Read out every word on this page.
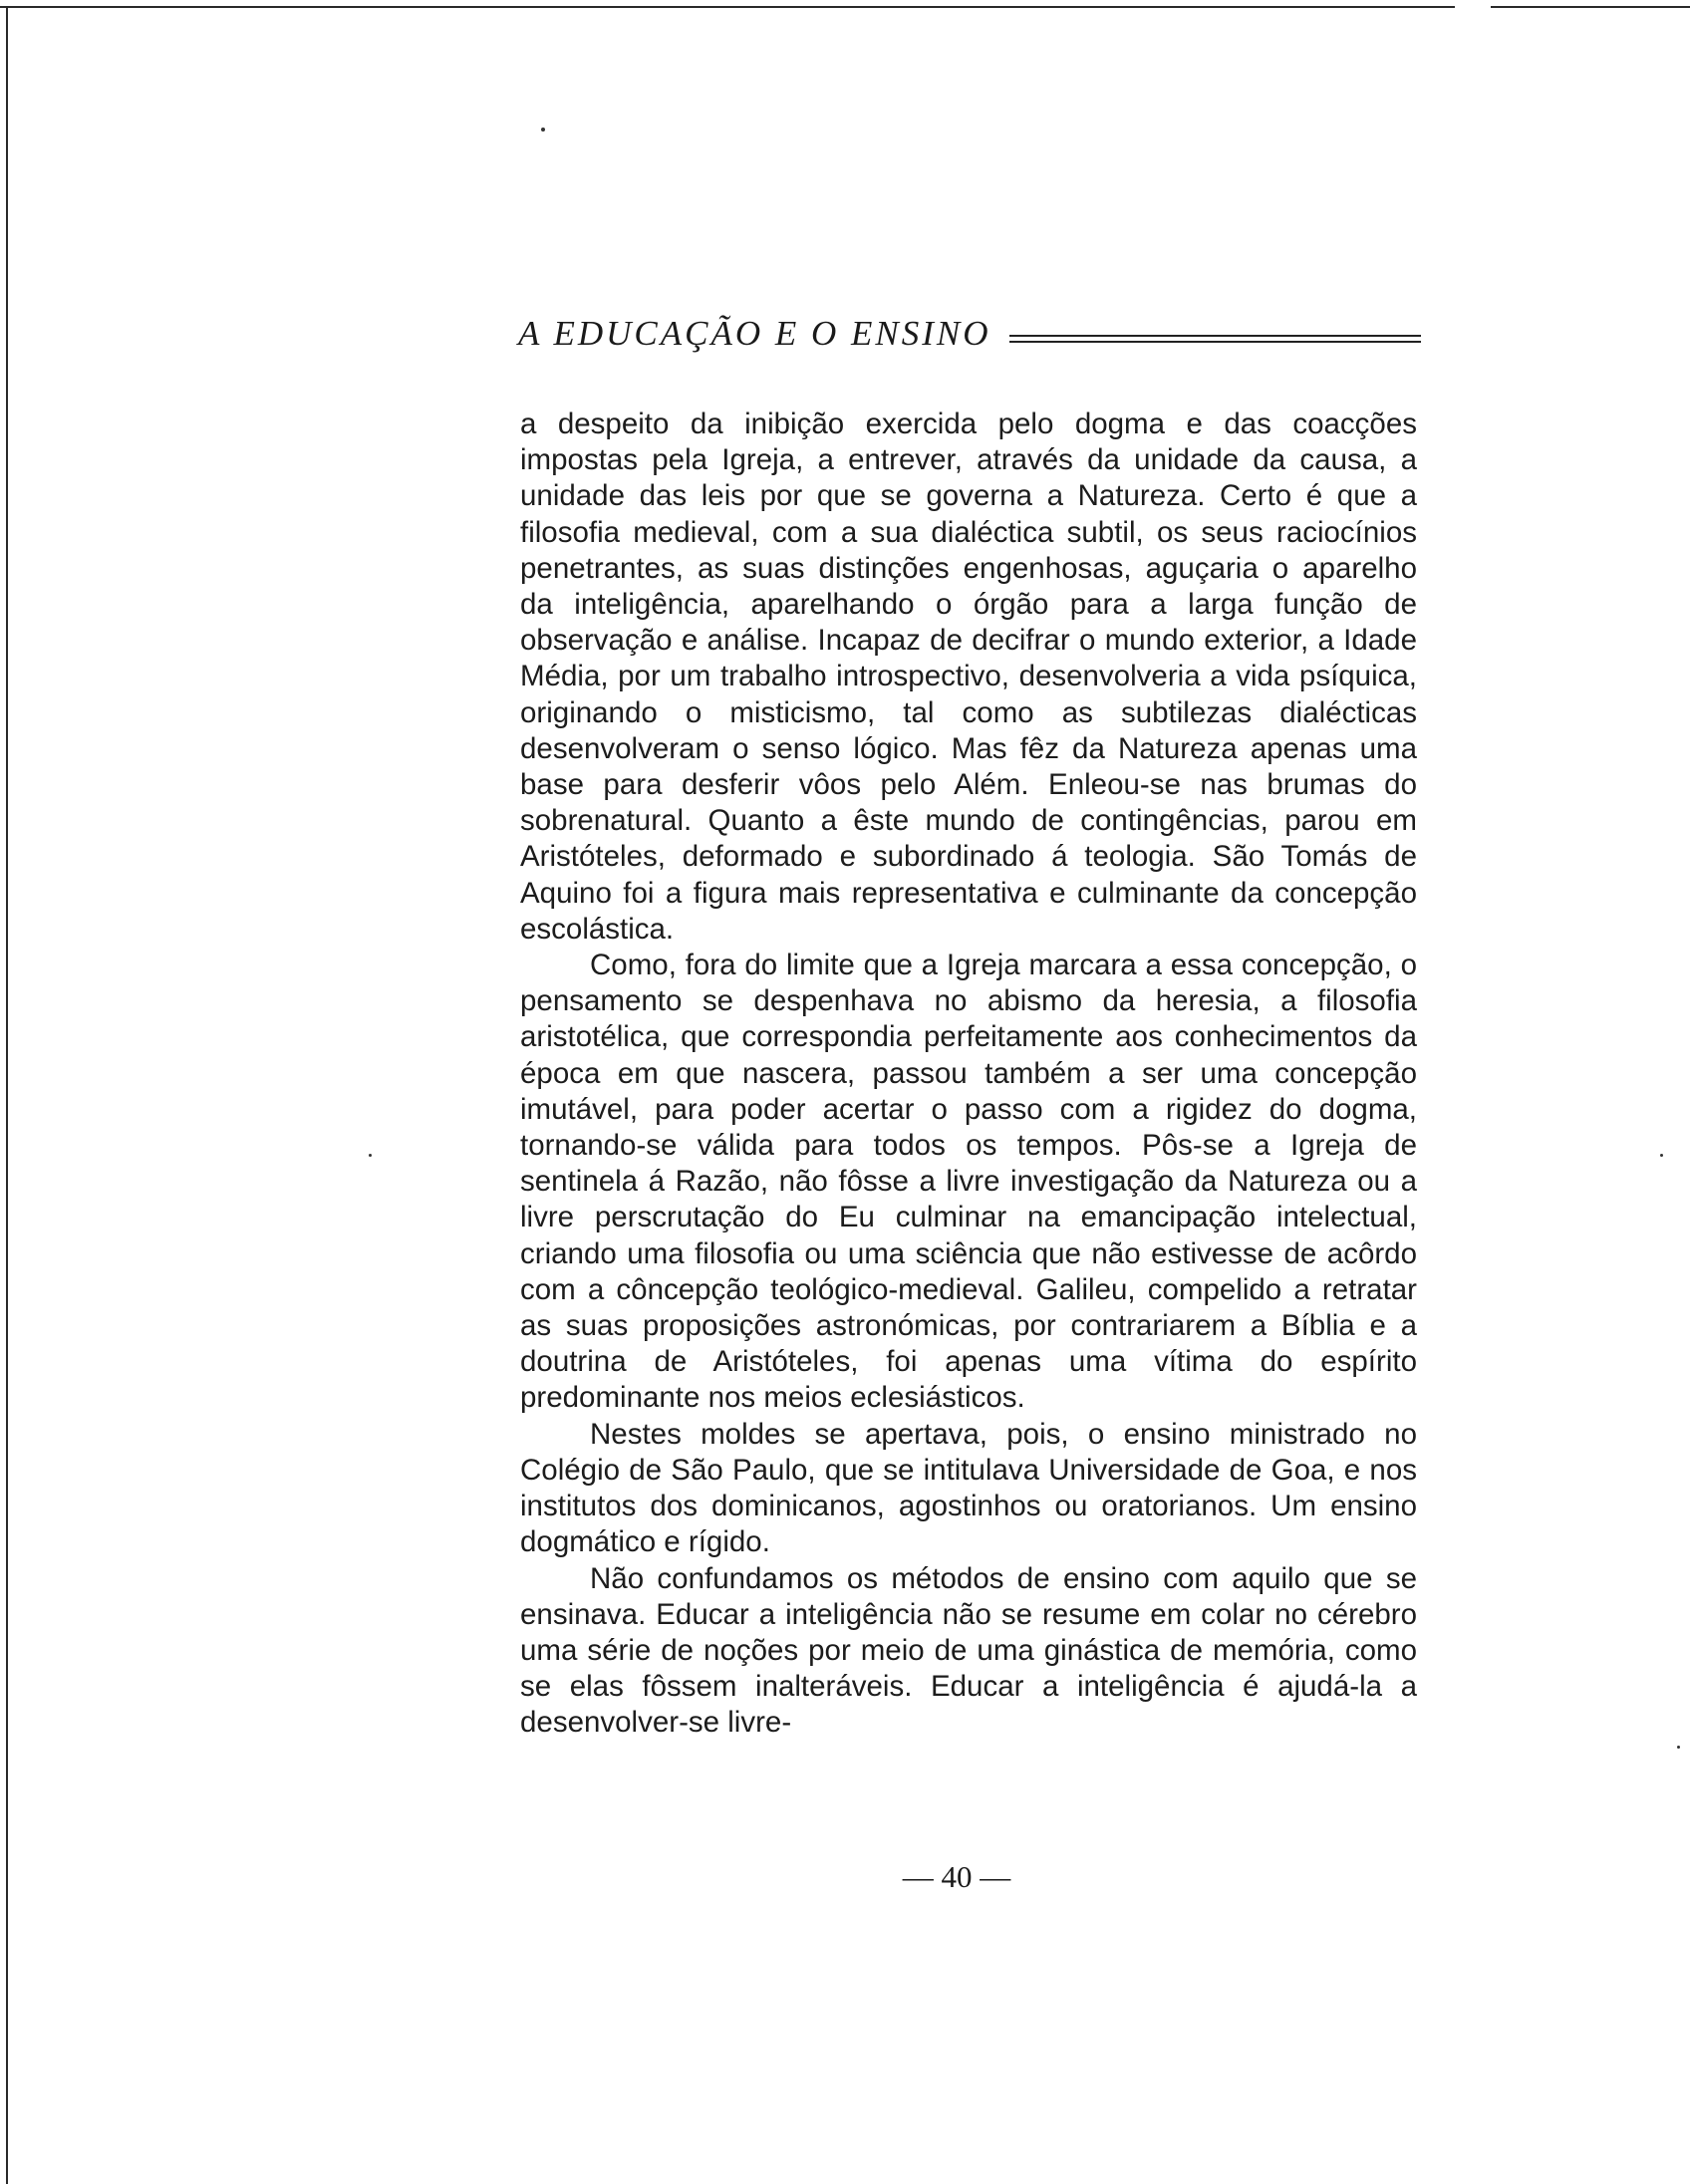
A EDUCAÇÃO E O ENSINO

a despeito da inibição exercida pelo dogma e das coacções impostas pela Igreja, a entrever, através da unidade da causa, a unidade das leis por que se governa a Natureza. Certo é que a filosofia medieval, com a sua dialéctica subtil, os seus raciocínios penetrantes, as suas distinções engenhosas, aguçaria o aparelho da inteligência, aparelhando o órgão para a larga função de observação e análise. Incapaz de decifrar o mundo exterior, a Idade Média, por um trabalho introspectivo, desenvolveria a vida psíquica, originando o misticismo, tal como as subtilezas dialécticas desenvolveram o senso lógico. Mas fêz da Natureza apenas uma base para desferir vôos pelo Além. Enleou-se nas brumas do sobrenatural. Quanto a êste mundo de contingências, parou em Aristóteles, deformado e subordinado á teologia. São Tomás de Aquino foi a figura mais representativa e culminante da concepção escolástica.

Como, fora do limite que a Igreja marcara a essa concepção, o pensamento se despenhava no abismo da heresia, a filosofia aristotélica, que correspondia perfeitamente aos conhecimentos da época em que nascera, passou também a ser uma concepção imutável, para poder acertar o passo com a rigidez do dogma, tornando-se válida para todos os tempos. Pôs-se a Igreja de sentinela á Razão, não fôsse a livre investigação da Natureza ou a livre perscrutação do Eu culminar na emancipação intelectual, criando uma filosofia ou uma sciência que não estivesse de acôrdo com a côncepção teológico-medieval. Galileu, compelido a retratar as suas proposições astronómicas, por contrariarem a Bíblia e a doutrina de Aristóteles, foi apenas uma vítima do espírito predominante nos meios eclesiásticos.

Nestes moldes se apertava, pois, o ensino ministrado no Colégio de São Paulo, que se intitulava Universidade de Goa, e nos institutos dos dominicanos, agostinhos ou oratorianos. Um ensino dogmático e rígido.

Não confundamos os métodos de ensino com aquilo que se ensinava. Educar a inteligência não se resume em colar no cérebro uma série de noções por meio de uma ginástica de memória, como se elas fôssem inalteráveis. Educar a inteligência é ajudá-la a desenvolver-se livre-

— 40 —
